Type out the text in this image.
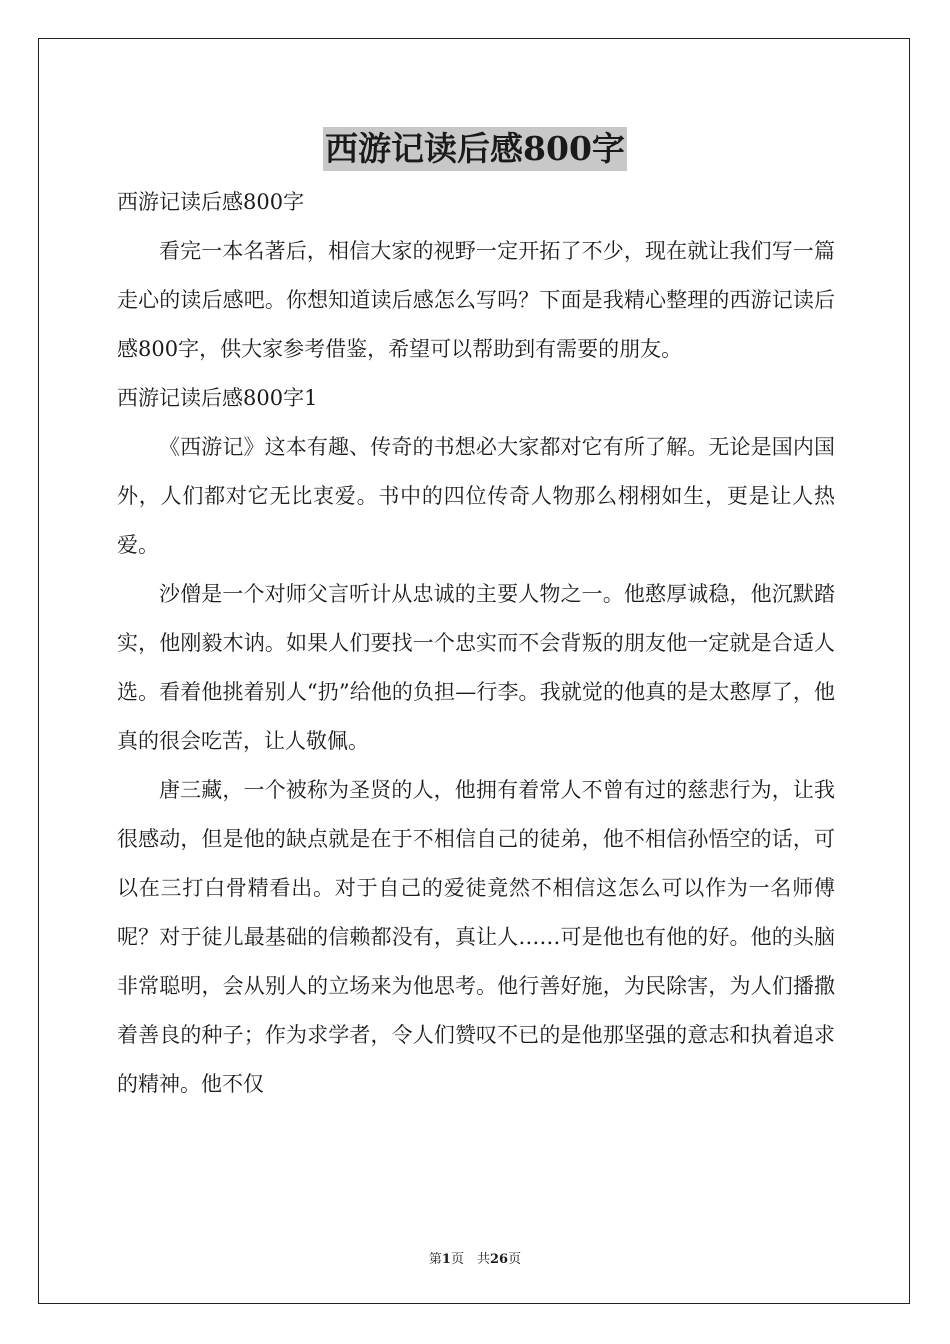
西游记读后感800字

西游记读后感800字

看完一本名著后，相信大家的视野一定开拓了不少，现在就让我们写一篇走心的读后感吧。你想知道读后感怎么写吗？下面是我精心整理的西游记读后感800字，供大家参考借鉴，希望可以帮助到有需要的朋友。

西游记读后感800字1

《西游记》这本有趣、传奇的书想必大家都对它有所了解。无论是国内国外，人们都对它无比衷爱。书中的四位传奇人物那么栩栩如生，更是让人热爱。

沙僧是一个对师父言听计从忠诚的主要人物之一。他憨厚诚稳，他沉默踏实，他刚毅木讷。如果人们要找一个忠实而不会背叛的朋友他一定就是合适人选。看着他挑着别人“扔”给他的负担—行李。我就觉的他真的是太憨厚了，他真的很会吃苦，让人敬佩。

唐三藏，一个被称为圣贤的人，他拥有着常人不曾有过的慈悲行为，让我很感动，但是他的缺点就是在于不相信自己的徒弟，他不相信孙悟空的话，可以在三打白骨精看出。对于自己的爱徒竟然不相信这怎么可以作为一名师傅呢？对于徒儿最基础的信赖都没有，真让人……可是他也有他的好。他的头脑非常聪明，会从别人的立场来为他思考。他行善好施，为民除害，为人们播撒着善良的种子；作为求学者，令人们赞叹不已的是他那坚强的意志和执着追求的精神。他不仅

第1页　共26页
